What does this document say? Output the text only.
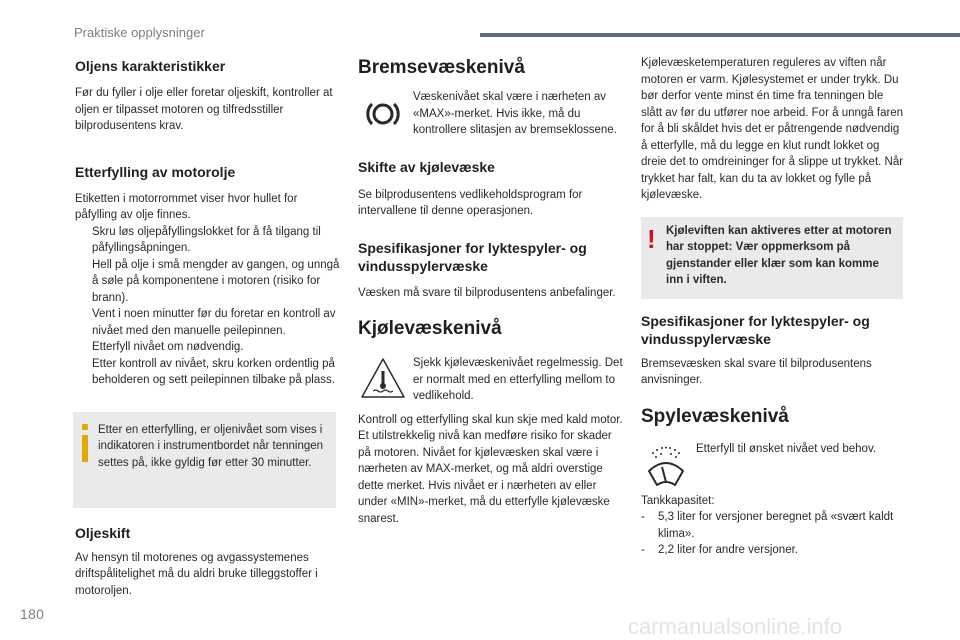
Praktiske opplysninger
Oljens karakteristikker

Før du fyller i olje eller foretar oljeskift, kontroller at oljen er tilpasset motoren og tilfredsstiller bilprodusentens krav.

Etterfylling av motorolje

Etiketten i motorrommet viser hvor hullet for påfylling av olje finnes.

Skru løs oljepåfyllingslokket for å få tilgang til påfyllingsåpningen.
Hell på olje i små mengder av gangen, og unngå å søle på komponentene i motoren (risiko for brann).
Vent i noen minutter før du foretar en kontroll av nivået med den manuelle peilepinnen.
Etterfyll nivået om nødvendig.
Etter kontroll av nivået, skru korken ordentlig på beholderen og sett peilepinnen tilbake på plass.

Etter en etterfylling, er oljenivået som vises i indikatoren i instrumentbordet når tenningen settes på, ikke gyldig før etter 30 minutter.

Oljeskift

Av hensyn til motorenes og avgassystemenes driftspålitelighet må du aldri bruke tilleggstoffer i motoroljen.

Bremsevæskenivå

Væskenivået skal være i nærheten av «MAX»-merket. Hvis ikke, må du kontrollere slitasjen av bremseklossene.

Skifte av kjølevæske

Se bilprodusentens vedlikeholdsprogram for intervallene til denne operasjonen.

Spesifikasjoner for lyktespyler- og vindusspylervæske

Væsken må svare til bilprodusentens anbefalinger.

Kjølevæskenivå

Sjekk kjølevæskenivået regelmessig. Det er normalt med en etterfylling mellom to vedlikehold.

Kontroll og etterfylling skal kun skje med kald motor. Et utilstrekkelig nivå kan medføre risiko for skader på motoren. Nivået for kjølevæsken skal være i nærheten av MAX-merket, og må aldri overstige dette merket. Hvis nivået er i nærheten av eller under «MIN»-merket, må du etterfylle kjølevæske snarest.

Kjølevæsketemperaturen reguleres av viften når motoren er varm. Kjølesystemet er under trykk. Du bør derfor vente minst én time fra tenningen ble slått av før du utfører noe arbeid. For å unngå faren for å bli skåldet hvis det er påtrengende nødvendig å etterfylle, må du legge en klut rundt lokket og dreie det to omdreininger for å slippe ut trykket. Når trykket har falt, kan du ta av lokket og fylle på kjølevæske.

! Kjøleviften kan aktiveres etter at motoren har stoppet: Vær oppmerksom på gjenstander eller klær som kan komme inn i viften.

Spesifikasjoner for lyktespyler- og vindusspylervæske

Bremsevæsken skal svare til bilprodusentens anvisninger.

Spylevæskenivå

Etterfyll til ønsket nivået ved behov.

Tankkapasitet:

-	5,3 liter for versjoner beregnet på «svært kaldt klima».
-	2,2 liter for andre versjoner.
180	carmanualsonline.info
